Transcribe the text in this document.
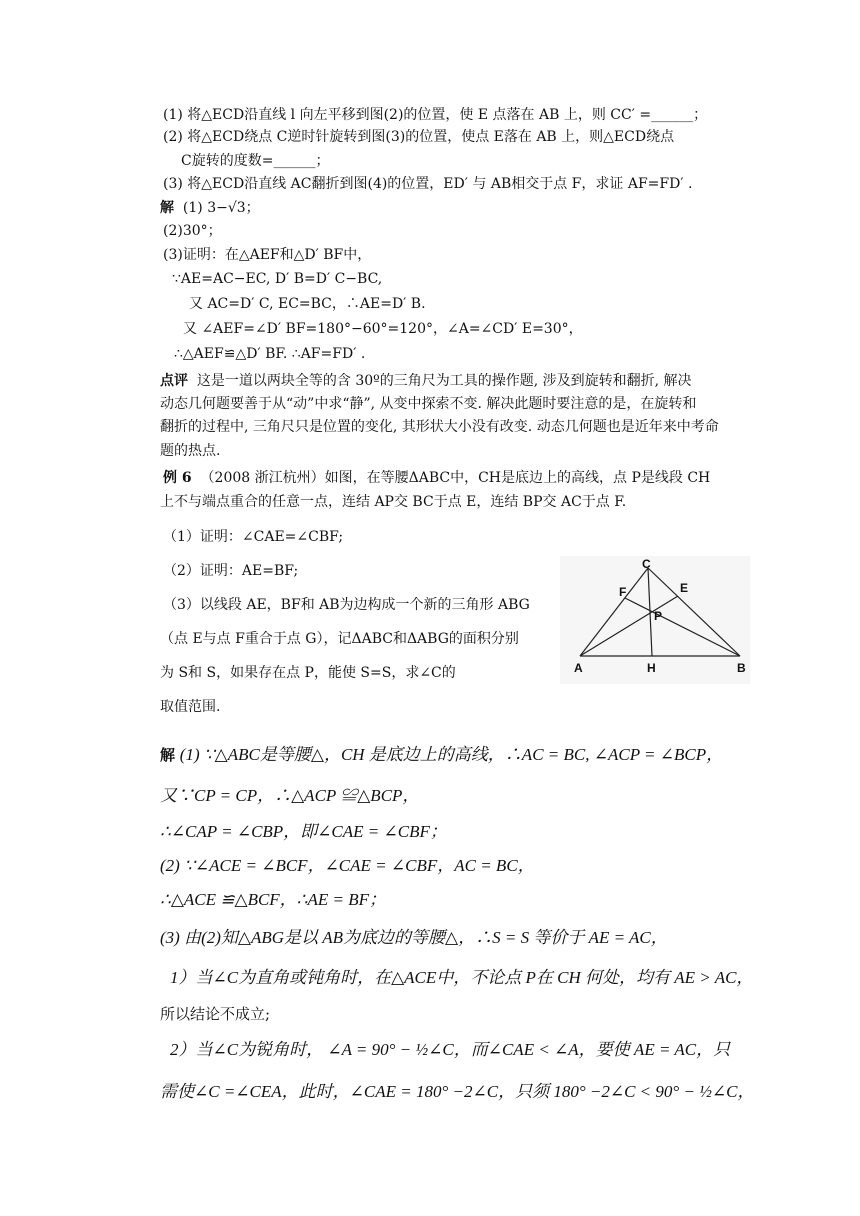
(1) 将△ECD沿直线 l 向左平移到图(2)的位置，使 E 点落在 AB 上，则 CC′ =______；
(2) 将△ECD绕点 C逆时针旋转到图(3)的位置，使点 E落在 AB 上，则△ECD绕点
C旋转的度数=______；
(3) 将△ECD沿直线 AC翻折到图(4)的位置，ED′ 与 AB相交于点 F，求证 AF=FD′ .
解 (1) 3−√3；
(2)30°；
(3)证明：在△AEF和△D′ BF中，
∵AE=AC−EC, D′ B=D′ C−BC,
又 AC=D′ C, EC=BC，∴AE=D′ B.
又 ∠AEF=∠D′ BF=180°−60°=120°，∠A=∠CD′ E=30°，
∴△AEF≌△D′ BF. ∴AF=FD′ .
点评 这是一道以两块全等的含 30º的三角尺为工具的操作题, 涉及到旋转和翻折, 解决
动态几何题要善于从“动”中求“静”, 从变中探索不变. 解决此题时要注意的是，在旋转和
翻折的过程中, 三角尺只是位置的变化, 其形状大小没有改变. 动态几何题也是近年来中考命
题的热点.
例 6 （2008 浙江杭州）如图，在等腰ΔABC中，CH是底边上的高线，点 P是线段 CH
上不与端点重合的任意一点，连结 AP交 BC于点 E，连结 BP交 AC于点 F.
（1）证明：∠CAE=∠CBF;
（2）证明：AE=BF;
（3）以线段 AE，BF和 AB为边构成一个新的三角形 ABG
（点 E与点 F重合于点 G），记ΔABC和ΔABG的面积分别
为 S和 S，如果存在点 P，能使 S=S，求∠C的
取值范围.
C
F	E
P
A	H	B
解 (1) ∵△ABC是等腰△，CH 是底边上的高线，∴AC = BC, ∠ACP = ∠BCP，
又∵CP = CP，∴△ACP ≌△BCP，
∴∠CAP = ∠CBP，即∠CAE = ∠CBF；
(2) ∵∠ACE = ∠BCF，∠CAE = ∠CBF，AC = BC，
∴△ACE ≌△BCF，∴AE = BF；
(3) 由(2)知△ABG是以 AB为底边的等腰△，∴S = S 等价于 AE = AC，
1）当∠C为直角或钝角时，在△ACE中，不论点 P在 CH 何处，均有 AE > AC，
所以结论不成立;
2）当∠C为锐角时， ∠A = 90° − ½∠C，而∠CAE < ∠A，要使 AE = AC，只
需使∠C =∠CEA，此时，∠CAE = 180° −2∠C，只须 180° −2∠C < 90° − ½∠C，
